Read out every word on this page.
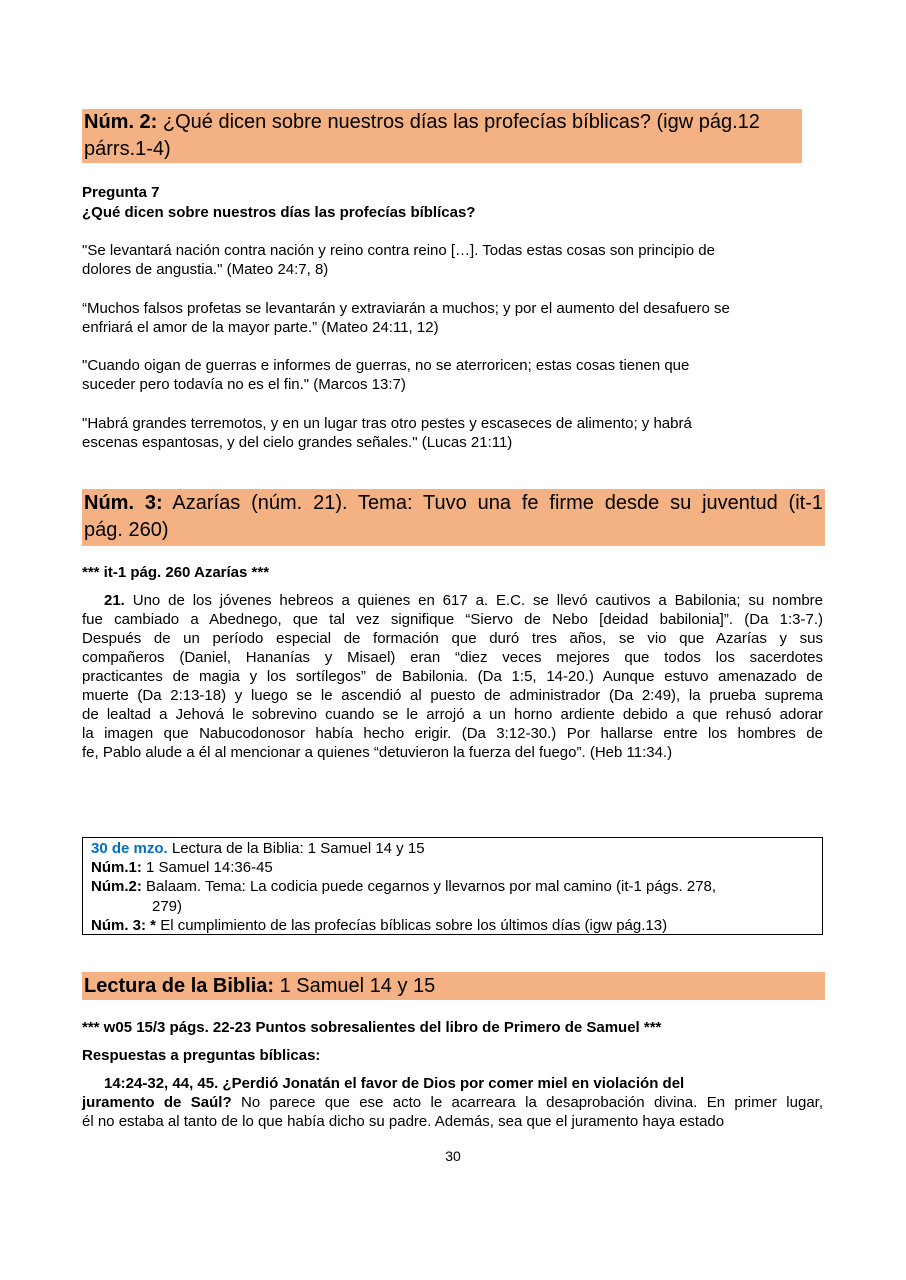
Núm. 2: ¿Qué dicen sobre nuestros días las profecías bíblicas? (igw pág.12
párrs.1-4)
Pregunta 7
¿Qué dicen sobre nuestros días las profecías bíblícas?
"Se levantará nación contra nación y reino contra reino […]. Todas estas cosas son principio de
dolores de angustia." (Mateo 24:7, 8)
“Muchos falsos profetas se levantarán y extraviarán a muchos; y por el aumento del desafuero se
enfriará el amor de la mayor parte.” (Mateo 24:11, 12)
"Cuando oigan de guerras e informes de guerras, no se aterroricen; estas cosas tienen que
suceder pero todavía no es el fin." (Marcos 13:7)
"Habrá grandes terremotos, y en un lugar tras otro pestes y escaseces de alimento; y habrá
escenas espantosas, y del cielo grandes señales." (Lucas 21:11)
Núm. 3: Azarías (núm. 21). Tema: Tuvo una fe firme desde su juventud (it-1
pág. 260)
*** it-1 pág. 260 Azarías ***
21. Uno de los jóvenes hebreos a quienes en 617 a. E.C. se llevó cautivos a Babilonia; su nombre
fue cambiado a Abednego, que tal vez signifique “Siervo de Nebo [deidad babilonia]”. (Da 1:3-7.)
Después de un período especial de formación que duró tres años, se vio que Azarías y sus
compañeros (Daniel, Hananías y Misael) eran “diez veces mejores que todos los sacerdotes
practicantes de magia y los sortílegos” de Babilonia. (Da 1:5, 14-20.) Aunque estuvo amenazado de
muerte (Da 2:13-18) y luego se le ascendió al puesto de administrador (Da 2:49), la prueba suprema
de lealtad a Jehová le sobrevino cuando se le arrojó a un horno ardiente debido a que rehusó adorar
la imagen que Nabucodonosor había hecho erigir. (Da 3:12-30.) Por hallarse entre los hombres de
fe, Pablo alude a él al mencionar a quienes “detuvieron la fuerza del fuego”. (Heb 11:34.)
30 de mzo. Lectura de la Biblia: 1 Samuel 14 y 15
Núm.1: 1 Samuel 14:36-45
Núm.2: Balaam. Tema: La codicia puede cegarnos y llevarnos por mal camino (it-1 págs. 278,
279)
Núm. 3: * El cumplimiento de las profecías bíblicas sobre los últimos días (igw pág.13)
Lectura de la Biblia: 1 Samuel 14 y 15
*** w05 15/3 págs. 22-23 Puntos sobresalientes del libro de Primero de Samuel ***
Respuestas a preguntas bíblicas:
14:24-32, 44, 45. ¿Perdió Jonatán el favor de Dios por comer miel en violación del
juramento de Saúl? No parece que ese acto le acarreara la desaprobación divina. En primer lugar,
él no estaba al tanto de lo que había dicho su padre. Además, sea que el juramento haya estado
30
